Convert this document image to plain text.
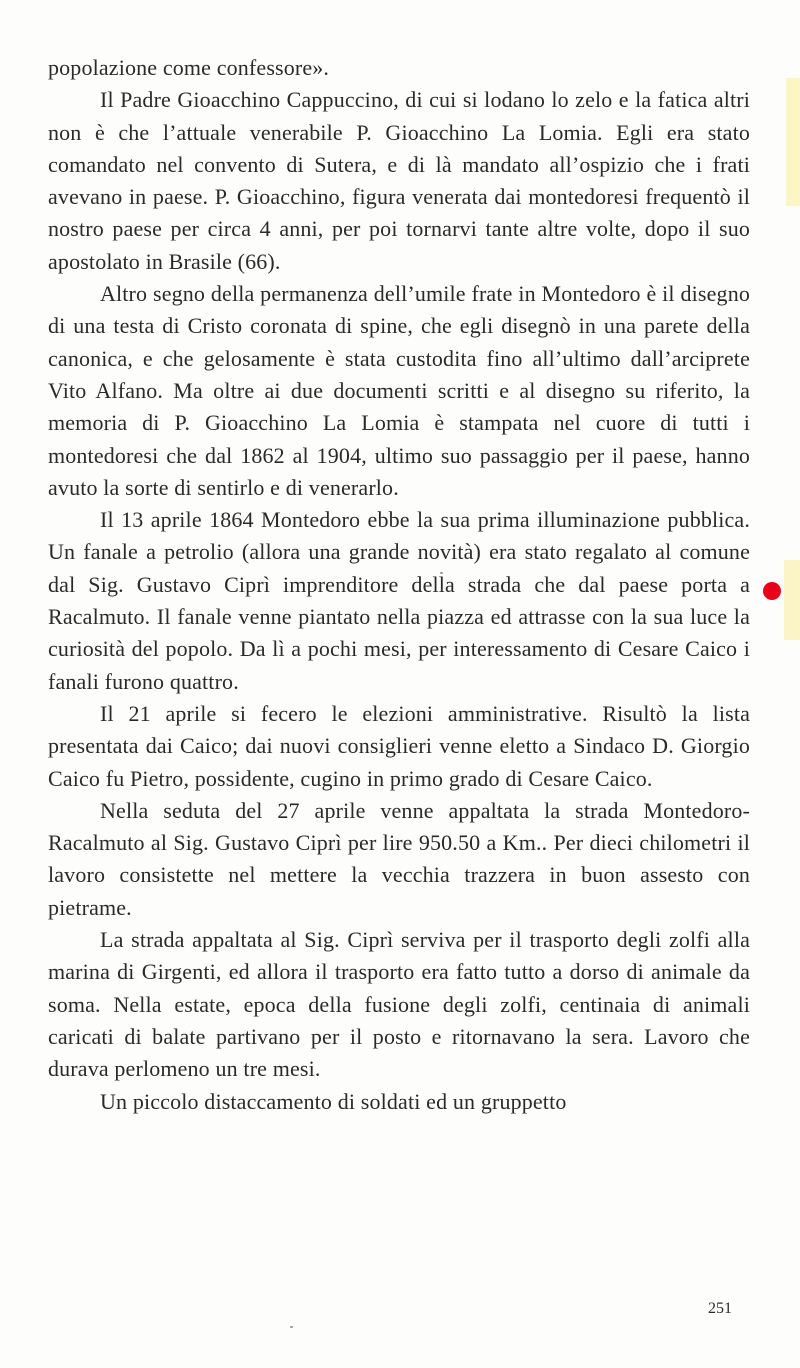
popolazione come confessore».

Il Padre Gioacchino Cappuccino, di cui si lodano lo zelo e la fatica altri non è che l’attuale venerabile P. Gioacchino La Lomia. Egli era stato comandato nel convento di Sutera, e di là mandato all’ospizio che i frati avevano in paese. P. Gioacchino, figura venerata dai montedoresi frequentò il nostro paese per circa 4 anni, per poi tornarvi tante altre volte, dopo il suo apostolato in Brasile (66).

Altro segno della permanenza dell’umile frate in Montedoro è il disegno di una testa di Cristo coronata di spine, che egli disegnò in una parete della canonica, e che gelosamente è stata custodita fino all’ultimo dall’arciprete Vito Alfano. Ma oltre ai due documenti scritti e al disegno su riferito, la memoria di P. Gioacchino La Lomia è stampata nel cuore di tutti i montedoresi che dal 1862 al 1904, ultimo suo passaggio per il paese, hanno avuto la sorte di sentirlo e di venerarlo.

Il 13 aprile 1864 Montedoro ebbe la sua prima illuminazione pubblica. Un fanale a petrolio (allora una grande novità) era stato regalato al comune dal Sig. Gustavo Ciprì imprenditore della strada che dal paese porta a Racalmuto. Il fanale venne piantato nella piazza ed attrasse con la sua luce la curiosità del popolo. Da lì a pochi mesi, per interessamento di Cesare Caico i fanali furono quattro.

Il 21 aprile si fecero le elezioni amministrative. Risultò la lista presentata dai Caico; dai nuovi consiglieri venne eletto a Sindaco D. Giorgio Caico fu Pietro, possidente, cugino in primo grado di Cesare Caico.

Nella seduta del 27 aprile venne appaltata la strada Montedoro-Racalmuto al Sig. Gustavo Ciprì per lire 950.50 a Km.. Per dieci chilometri il lavoro consistette nel mettere la vecchia trazzera in buon assesto con pietrame.

La strada appaltata al Sig. Ciprì serviva per il trasporto degli zolfi alla marina di Girgenti, ed allora il trasporto era fatto tutto a dorso di animale da soma. Nella estate, epoca della fusione degli zolfi, centinaia di animali caricati di balate partivano per il posto e ritornavano la sera. Lavoro che durava perlomeno un tre mesi.

Un piccolo distaccamento di soldati ed un gruppetto

251
